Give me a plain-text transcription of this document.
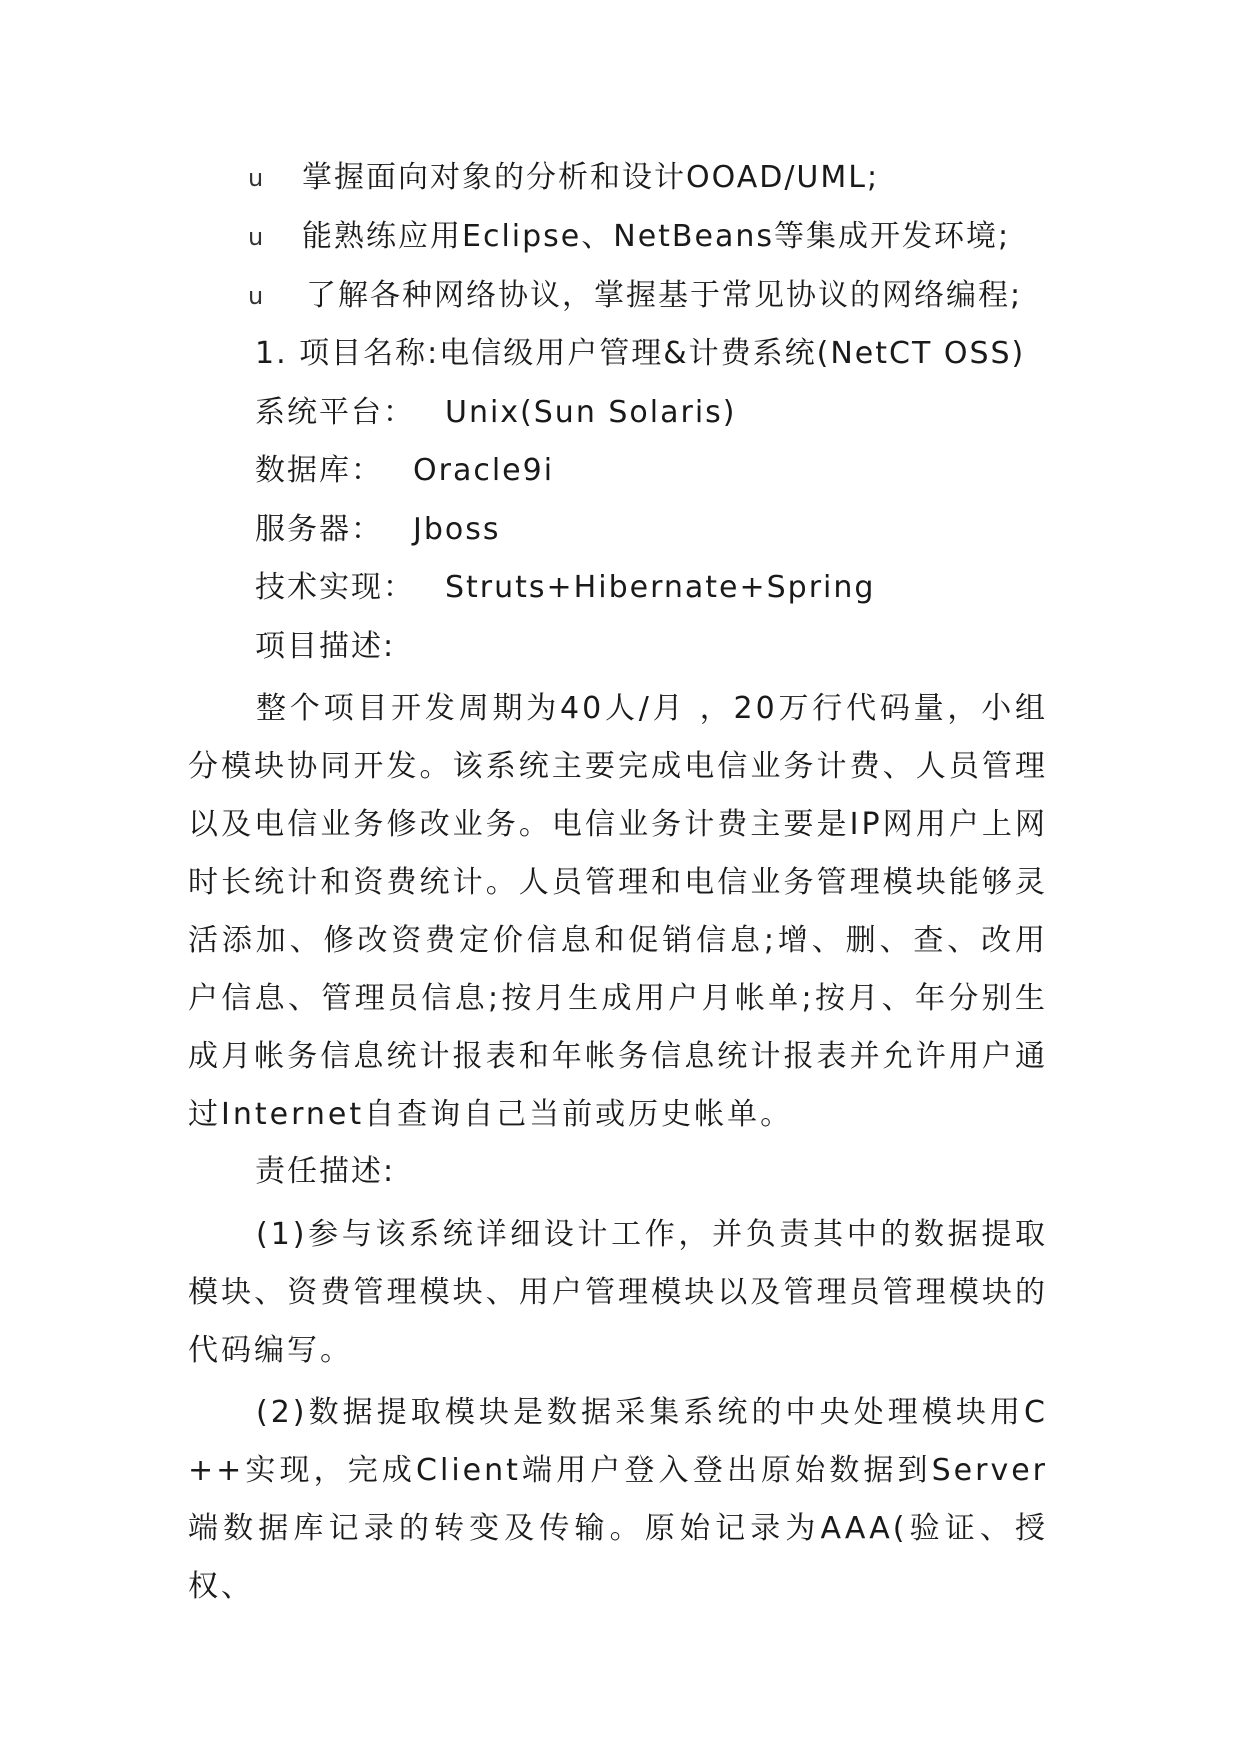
u 掌握面向对象的分析和设计OOAD/UML;
u 能熟练应用Eclipse、NetBeans等集成开发环境;
u 了解各种网络协议，掌握基于常见协议的网络编程;
1. 项目名称:电信级用户管理&计费系统(NetCT OSS)
系统平台： Unix(Sun Solaris)
数据库： Oracle9i
服务器： Jboss
技术实现： Struts+Hibernate+Spring
项目描述:
整个项目开发周期为40人/月 ，20万行代码量，小组分模块协同开发。该系统主要完成电信业务计费、人员管理以及电信业务修改业务。电信业务计费主要是IP网用户上网时长统计和资费统计。人员管理和电信业务管理模块能够灵活添加、修改资费定价信息和促销信息;增、删、查、改用户信息、管理员信息;按月生成用户月帐单;按月、年分别生成月帐务信息统计报表和年帐务信息统计报表并允许用户通过Internet自查询自己当前或历史帐单。
责任描述:
(1)参与该系统详细设计工作，并负责其中的数据提取模块、资费管理模块、用户管理模块以及管理员管理模块的代码编写。
(2)数据提取模块是数据采集系统的中央处理模块用C++实现，完成Client端用户登入登出原始数据到Server端数据库记录的转变及传输。原始记录为AAA(验证、授权、
